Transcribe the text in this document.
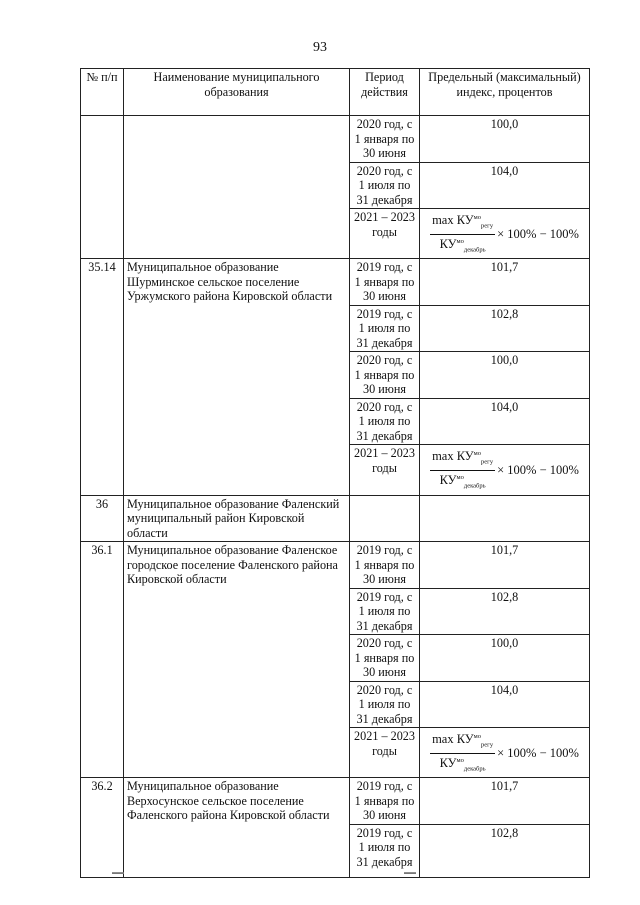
93
№ п/п	Наименование муниципального образования	Период действия	Предельный (максимальный) индекс, процентов
		2020 год, с 1 января по 30 июня	100,0
		2020 год, с 1 июля по 31 декабря	104,0
		2021 – 2023 годы	$\frac{\max КУ^{мо}_{регу}}{КУ^{мо}_{декабрь}} \times 100\% - 100\%$

35.14	Муниципальное образование Шурминское сельское поселение Уржумского района Кировской области	2019 год, с 1 января по 30 июня	101,7
		2019 год, с 1 июля по 31 декабря	102,8
		2020 год, с 1 января по 30 июня	100,0
		2020 год, с 1 июля по 31 декабря	104,0
		2021 – 2023 годы	$\frac{\max КУ^{мо}_{регу}}{КУ^{мо}_{декабрь}} \times 100\% - 100\%$

36	Муниципальное образование Фаленский муниципальный район Кировской области		
36.1	Муниципальное образование Фаленское городское поселение Фаленского района Кировской области	2019 год, с 1 января по 30 июня	101,7
		2019 год, с 1 июля по 31 декабря	102,8
		2020 год, с 1 января по 30 июня	100,0
		2020 год, с 1 июля по 31 декабря	104,0
		2021 – 2023 годы	$\frac{\max КУ^{мо}_{регу}}{КУ^{мо}_{декабрь}} \times 100\% - 100\%$

36.2	Муниципальное образование Верхосунское сельское поселение Фаленского района Кировской области	2019 год, с 1 января по 30 июня	101,7
		2019 год, с 1 июля по 31 декабря	102,8
▬▬	▬▬
